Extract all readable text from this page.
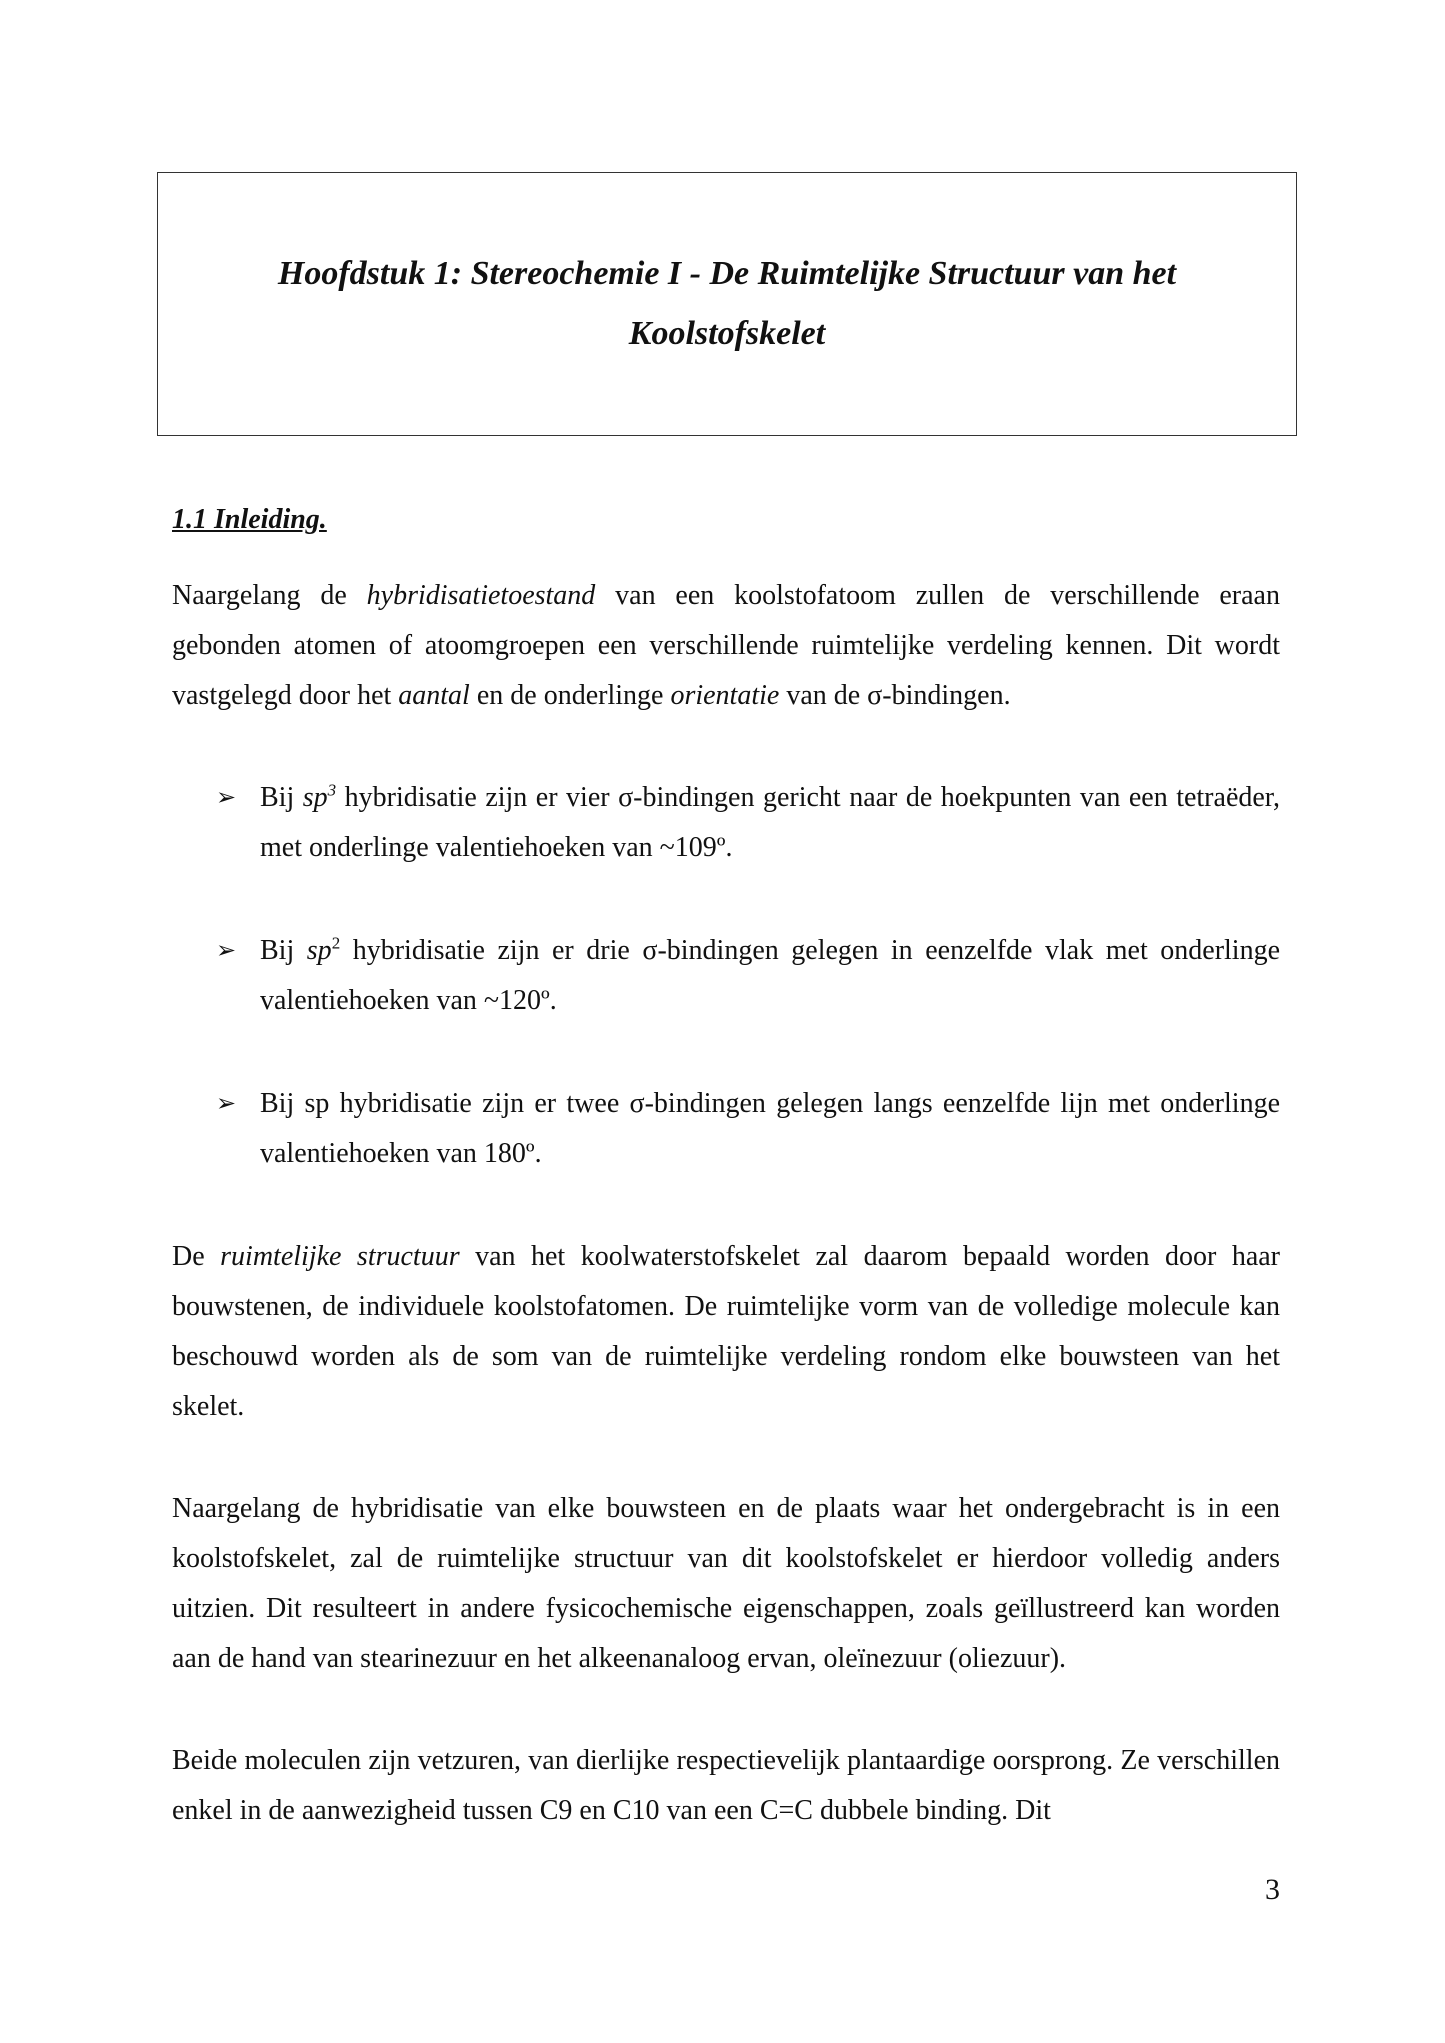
Hoofdstuk 1: Stereochemie I - De Ruimtelijke Structuur van het
Koolstofskelet
1.1 Inleiding.

Naargelang de hybridisatietoestand van een koolstofatoom zullen de verschillende eraan gebonden atomen of atoomgroepen een verschillende ruimtelijke verdeling kennen. Dit wordt vastgelegd door het aantal en de onderlinge orientatie van de σ-bindingen.

➢ Bij $sp^3$ hybridisatie zijn er vier σ-bindingen gericht naar de hoekpunten van een tetraëder, met onderlinge valentiehoeken van ~109º.
➢ Bij $sp^2$ hybridisatie zijn er drie σ-bindingen gelegen in eenzelfde vlak met onderlinge valentiehoeken van ~120º.
➢ Bij sp hybridisatie zijn er twee σ-bindingen gelegen langs eenzelfde lijn met onderlinge valentiehoeken van 180º.

De ruimtelijke structuur van het koolwaterstofskelet zal daarom bepaald worden door haar bouwstenen, de individuele koolstofatomen. De ruimtelijke vorm van de volledige molecule kan beschouwd worden als de som van de ruimtelijke verdeling rondom elke bouwsteen van het skelet.

Naargelang de hybridisatie van elke bouwsteen en de plaats waar het ondergebracht is in een koolstofskelet, zal de ruimtelijke structuur van dit koolstofskelet er hierdoor volledig anders uitzien. Dit resulteert in andere fysicochemische eigenschappen, zoals geïllustreerd kan worden aan de hand van stearinezuur en het alkeenanaloog ervan, oleïnezuur (oliezuur).

Beide moleculen zijn vetzuren, van dierlijke respectievelijk plantaardige oorsprong. Ze verschillen enkel in de aanwezigheid tussen C9 en C10 van een C=C dubbele binding. Dit

3
